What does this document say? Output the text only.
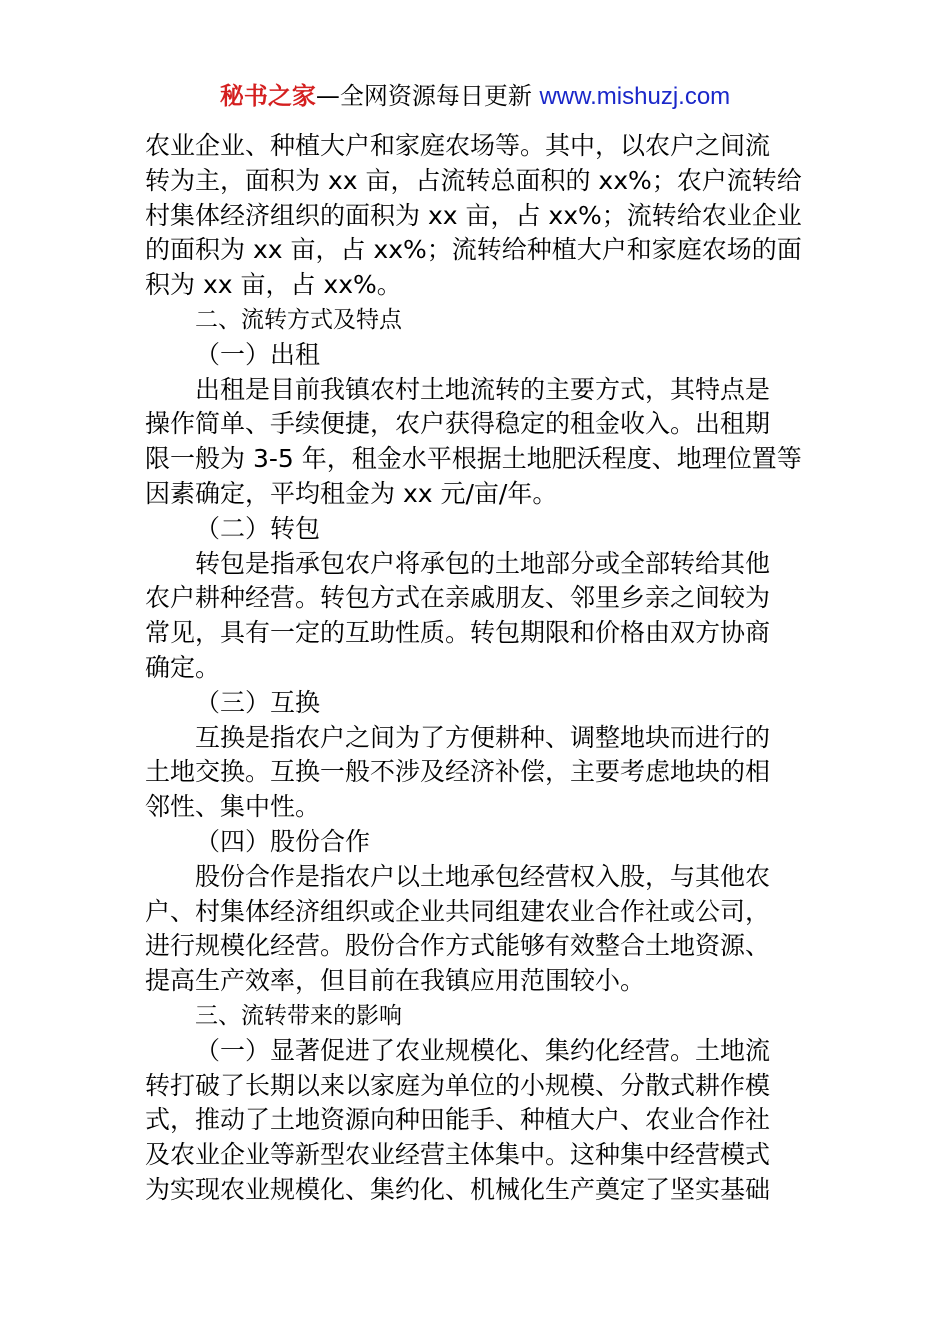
秘书之家—全网资源每日更新 www.mishuzj.com
农业企业、种植大户和家庭农场等。其中，以农户之间流
转为主，面积为 xx 亩，占流转总面积的 xx%；农户流转给
村集体经济组织的面积为 xx 亩，占 xx%；流转给农业企业
的面积为 xx 亩，占 xx%；流转给种植大户和家庭农场的面
积为 xx 亩，占 xx%。
二、流转方式及特点
（一）出租
出租是目前我镇农村土地流转的主要方式，其特点是
操作简单、手续便捷，农户获得稳定的租金收入。出租期
限一般为 3-5 年，租金水平根据土地肥沃程度、地理位置等
因素确定，平均租金为 xx 元/亩/年。
（二）转包
转包是指承包农户将承包的土地部分或全部转给其他
农户耕种经营。转包方式在亲戚朋友、邻里乡亲之间较为
常见，具有一定的互助性质。转包期限和价格由双方协商
确定。
（三）互换
互换是指农户之间为了方便耕种、调整地块而进行的
土地交换。互换一般不涉及经济补偿，主要考虑地块的相
邻性、集中性。
（四）股份合作
股份合作是指农户以土地承包经营权入股，与其他农
户、村集体经济组织或企业共同组建农业合作社或公司，
进行规模化经营。股份合作方式能够有效整合土地资源、
提高生产效率，但目前在我镇应用范围较小。
三、流转带来的影响
（一）显著促进了农业规模化、集约化经营。土地流
转打破了长期以来以家庭为单位的小规模、分散式耕作模
式，推动了土地资源向种田能手、种植大户、农业合作社
及农业企业等新型农业经营主体集中。这种集中经营模式
为实现农业规模化、集约化、机械化生产奠定了坚实基础
